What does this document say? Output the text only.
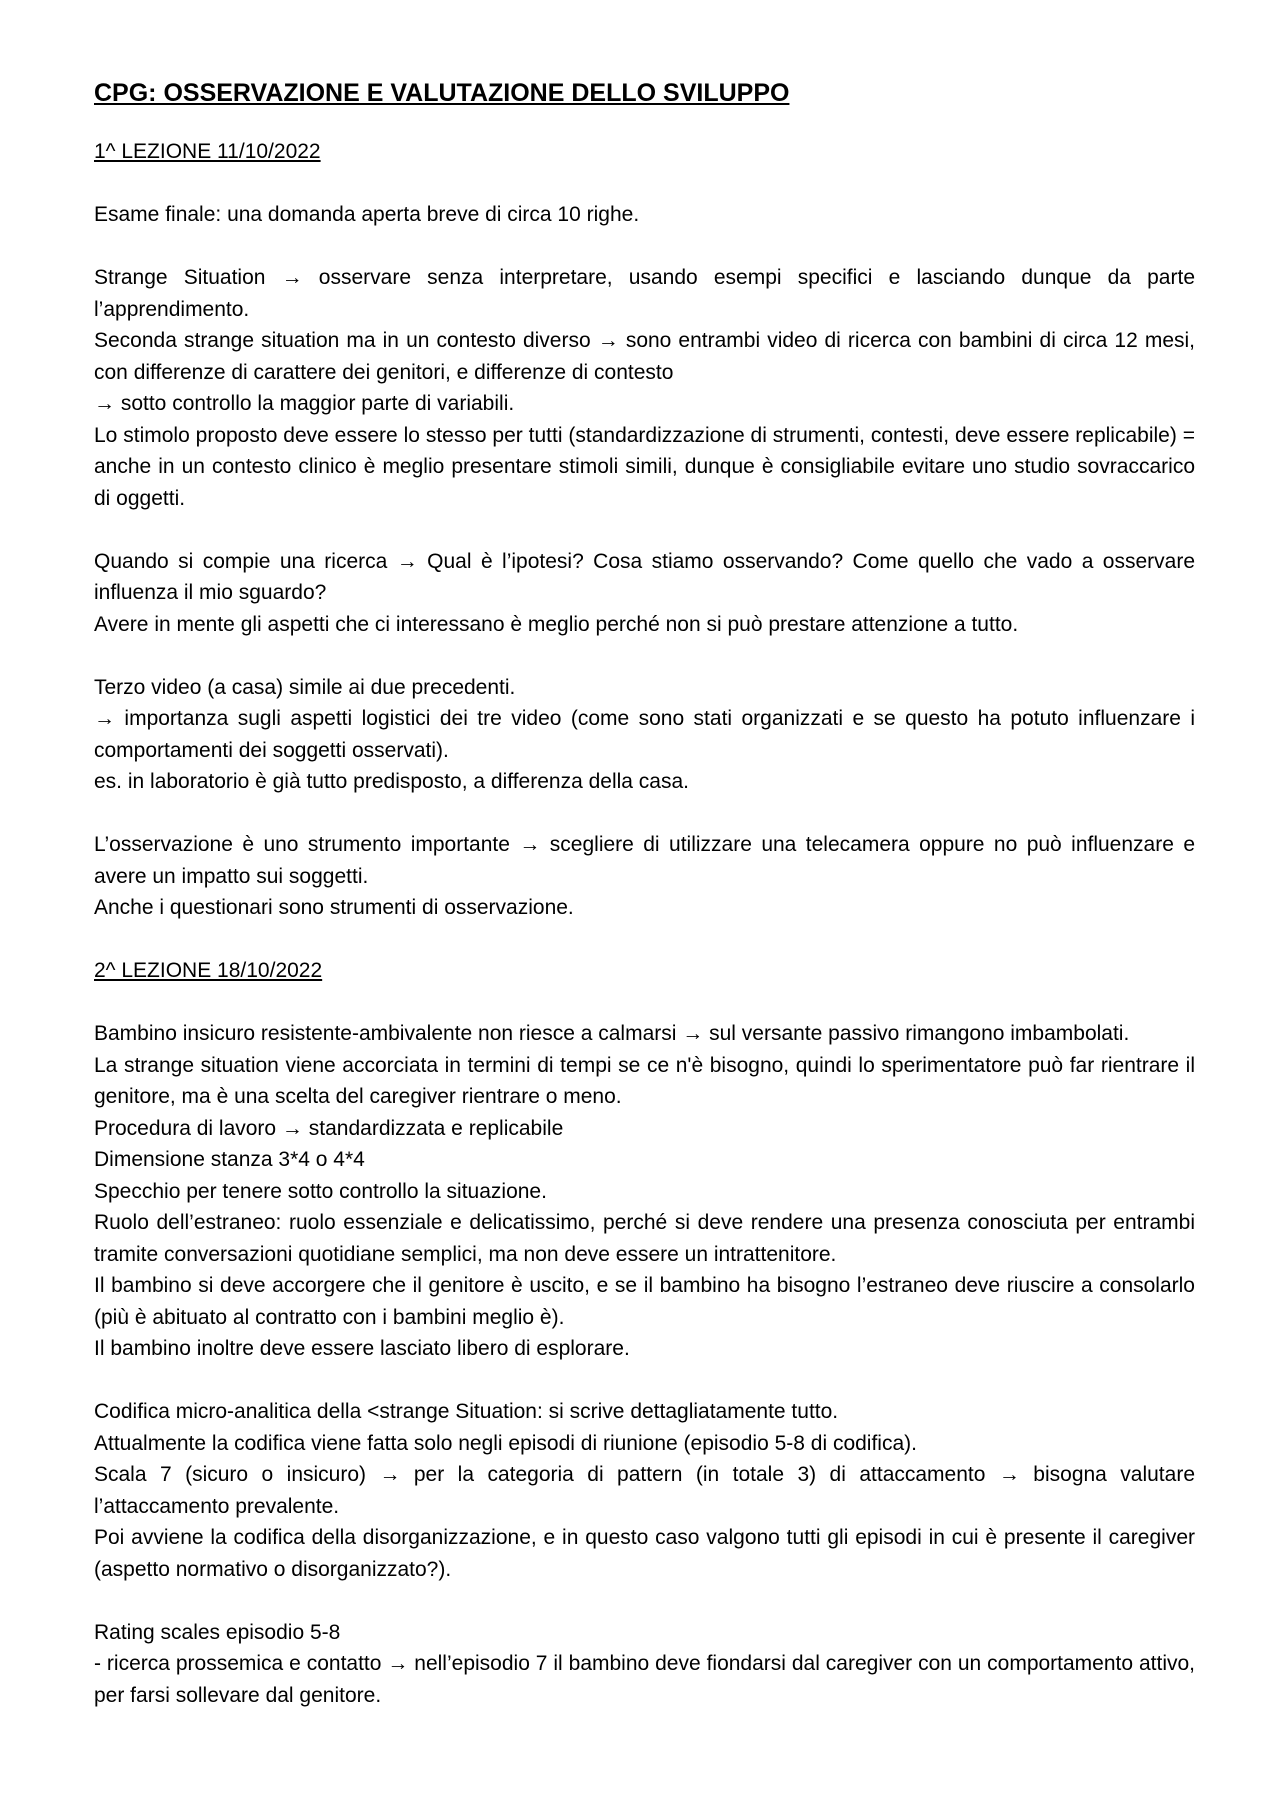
CPG: OSSERVAZIONE E VALUTAZIONE DELLO SVILUPPO
1^ LEZIONE 11/10/2022

Esame finale: una domanda aperta breve di circa 10 righe.

Strange Situation → osservare senza interpretare, usando esempi specifici e lasciando dunque da parte l’apprendimento.

Seconda strange situation ma in un contesto diverso → sono entrambi video di ricerca con bambini di circa 12 mesi, con differenze di carattere dei genitori, e differenze di contesto

→ sotto controllo la maggior parte di variabili.

Lo stimolo proposto deve essere lo stesso per tutti (standardizzazione di strumenti, contesti, deve essere replicabile) = anche in un contesto clinico è meglio presentare stimoli simili, dunque è consigliabile evitare uno studio sovraccarico di oggetti.

Quando si compie una ricerca → Qual è l’ipotesi? Cosa stiamo osservando? Come quello che vado a osservare influenza il mio sguardo?

Avere in mente gli aspetti che ci interessano è meglio perché non si può prestare attenzione a tutto.

Terzo video (a casa) simile ai due precedenti.

→ importanza sugli aspetti logistici dei tre video (come sono stati organizzati e se questo ha potuto influenzare i comportamenti dei soggetti osservati).

es. in laboratorio è già tutto predisposto, a differenza della casa.

L’osservazione è uno strumento importante → scegliere di utilizzare una telecamera oppure no può influenzare e avere un impatto sui soggetti.

Anche i questionari sono strumenti di osservazione.

2^ LEZIONE 18/10/2022

Bambino insicuro resistente-ambivalente non riesce a calmarsi → sul versante passivo rimangono imbambolati.

La strange situation viene accorciata in termini di tempi se ce n'è bisogno, quindi lo sperimentatore può far rientrare il genitore, ma è una scelta del caregiver rientrare o meno.

Procedura di lavoro → standardizzata e replicabile

Dimensione stanza 3*4 o 4*4

Specchio per tenere sotto controllo la situazione.

Ruolo dell’estraneo: ruolo essenziale e delicatissimo, perché si deve rendere una presenza conosciuta per entrambi tramite conversazioni quotidiane semplici, ma non deve essere un intrattenitore.

Il bambino si deve accorgere che il genitore è uscito, e se il bambino ha bisogno l’estraneo deve riuscire a consolarlo (più è abituato al contratto con i bambini meglio è).

Il bambino inoltre deve essere lasciato libero di esplorare.

Codifica micro-analitica della <strange Situation: si scrive dettagliatamente tutto.

Attualmente la codifica viene fatta solo negli episodi di riunione (episodio 5-8 di codifica).

Scala 7 (sicuro o insicuro) → per la categoria di pattern (in totale 3) di attaccamento → bisogna valutare l’attaccamento prevalente.

Poi avviene la codifica della disorganizzazione, e in questo caso valgono tutti gli episodi in cui è presente il caregiver (aspetto normativo o disorganizzato?).

Rating scales episodio 5-8

- ricerca prossemica e contatto → nell’episodio 7 il bambino deve fiondarsi dal caregiver con un comportamento attivo, per farsi sollevare dal genitore.
